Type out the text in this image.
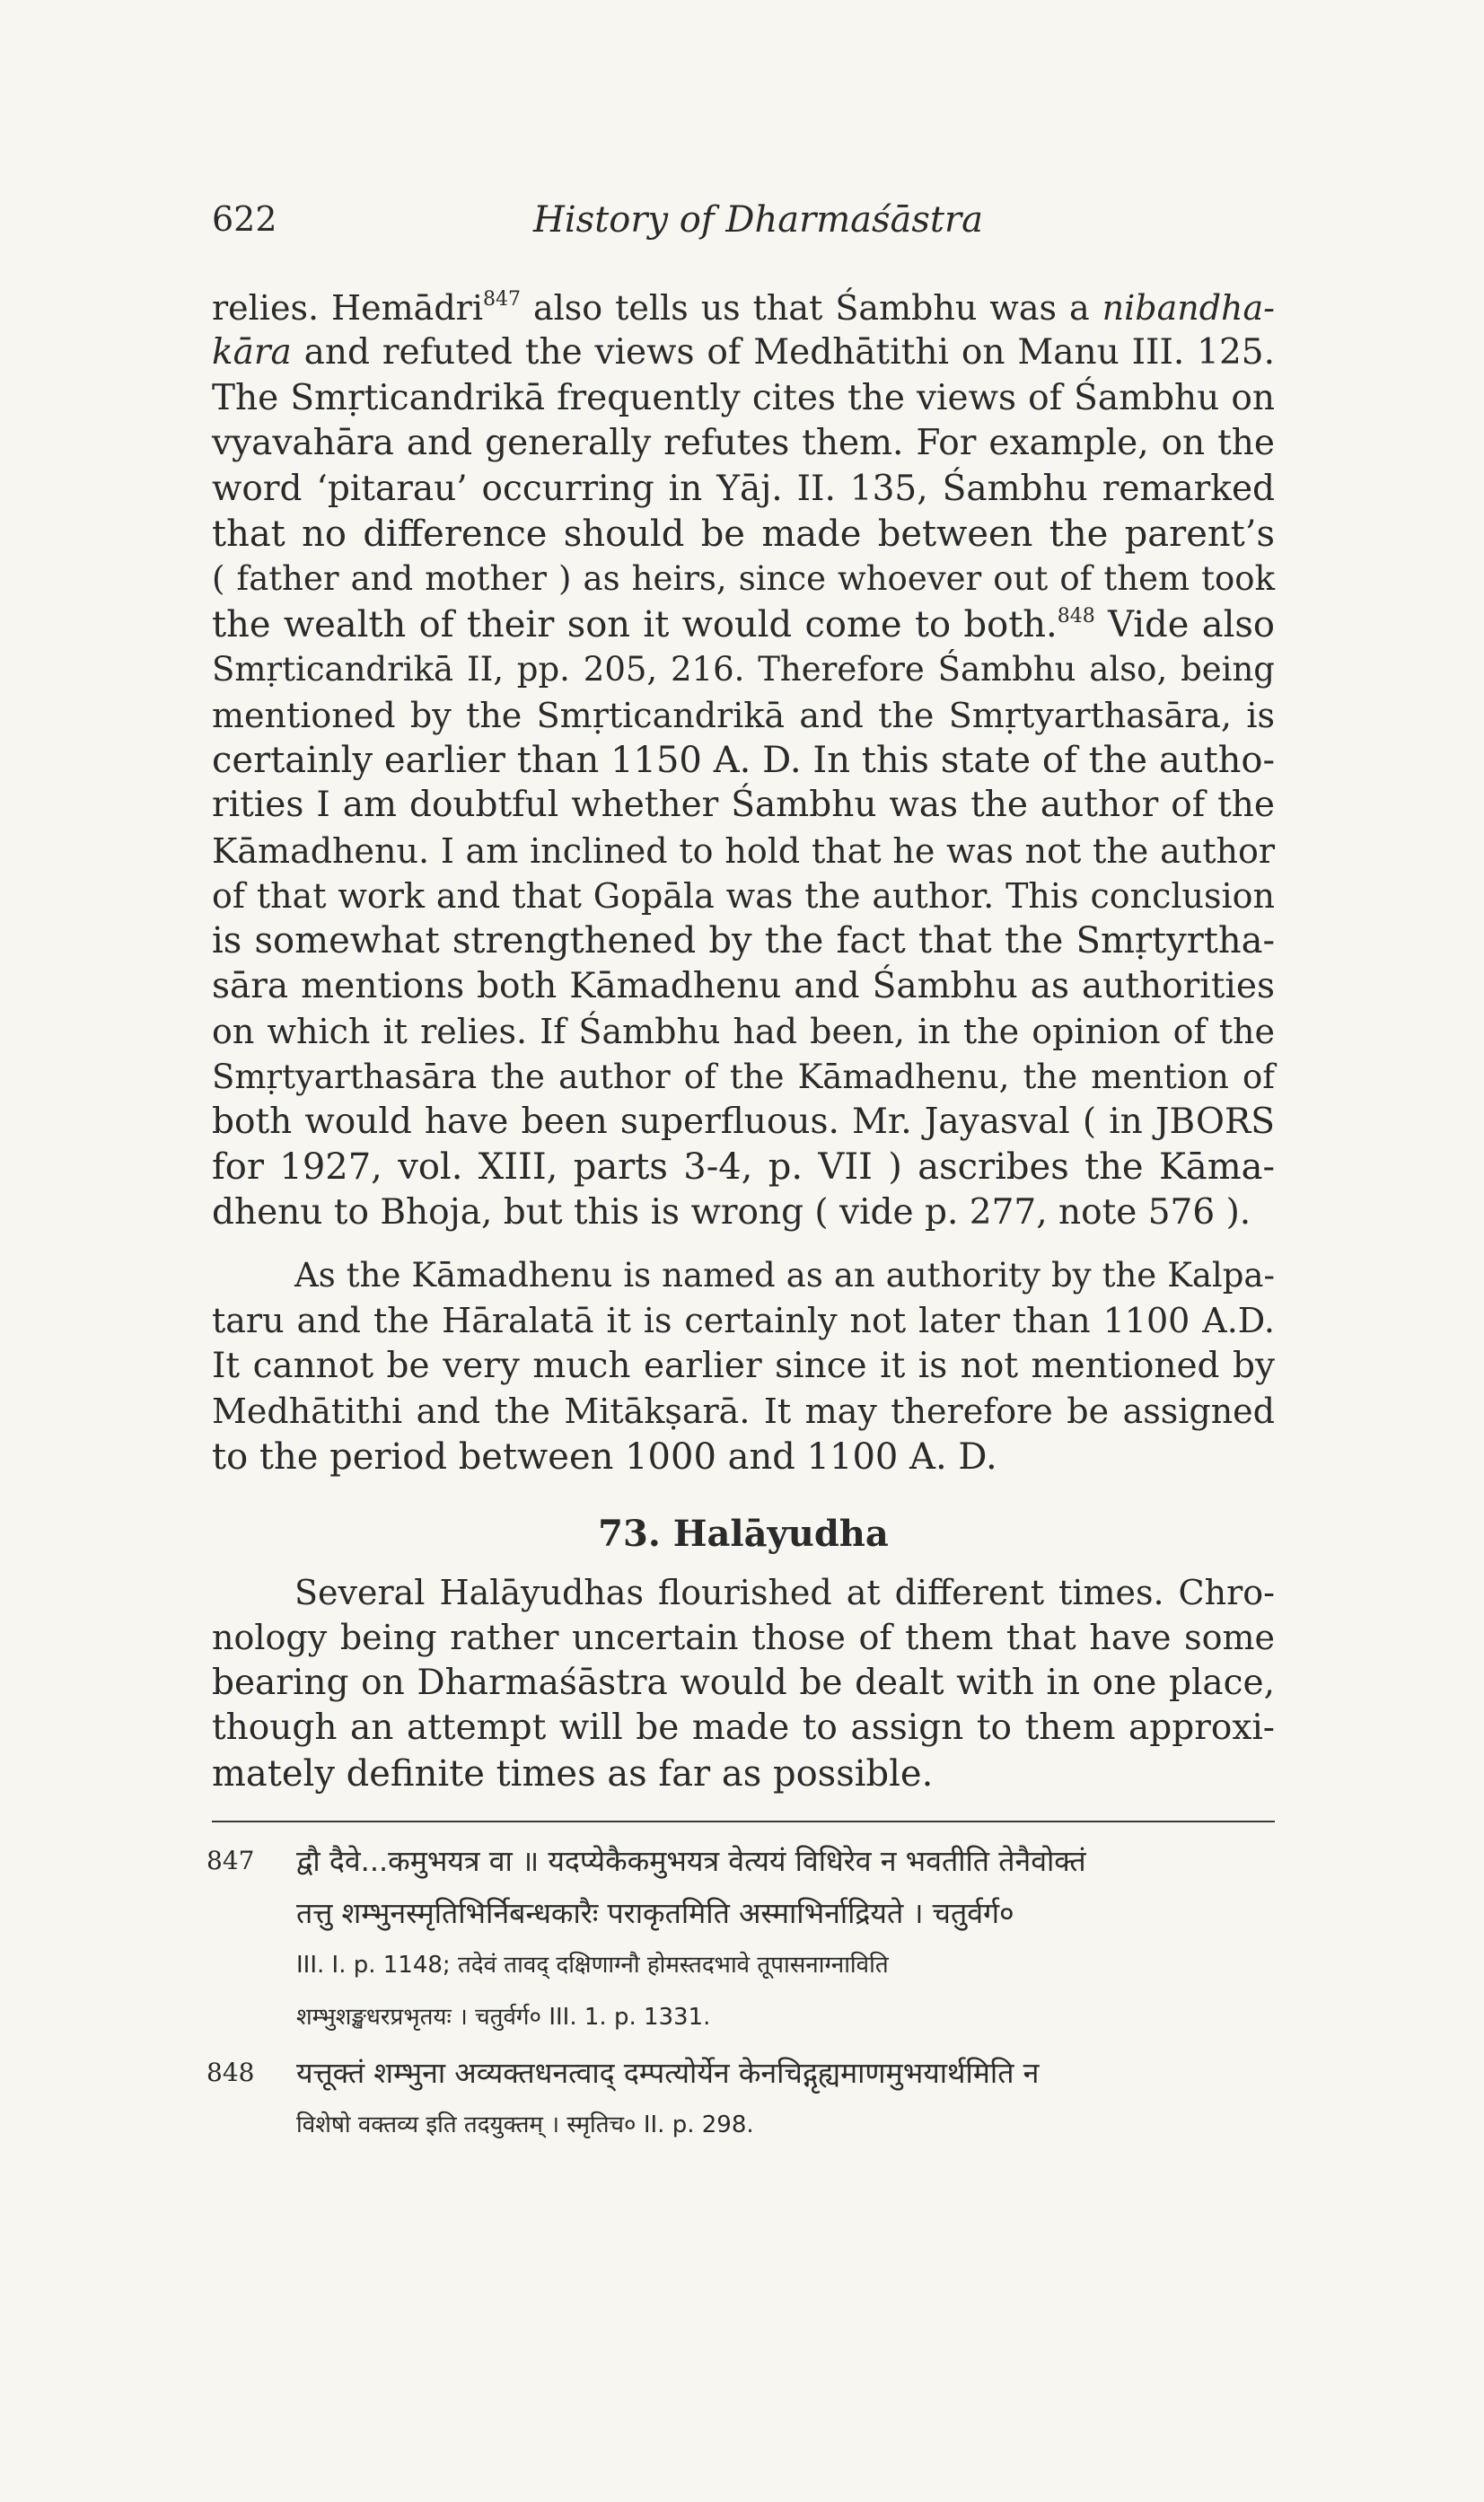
622	History of Dharmaśāstra
relies. Hemādri$^{847}$ also tells us that Śambhu was a nibandha-
kāra and refuted the views of Medhātithi on Manu III. 125.
The Smṛticandrikā frequently cites the views of Śambhu on
vyavahāra and generally refutes them. For example, on the
word ‘pitarau’ occurring in Yāj. II. 135, Śambhu remarked
that no difference should be made between the parent’s
( father and mother ) as heirs, since whoever out of them took
the wealth of their son it would come to both.$^{848}$ Vide also
Smṛticandrikā II, pp. 205, 216. Therefore Śambhu also, being
mentioned by the Smṛticandrikā and the Smṛtyarthasāra, is
certainly earlier than 1150 A. D. In this state of the autho-
rities I am doubtful whether Śambhu was the author of the
Kāmadhenu. I am inclined to hold that he was not the author
of that work and that Gopāla was the author. This conclusion
is somewhat strengthened by the fact that the Smṛtyrtha-
sāra mentions both Kāmadhenu and Śambhu as authorities
on which it relies. If Śambhu had been, in the opinion of the
Smṛtyarthasāra the author of the Kāmadhenu, the mention of
both would have been superfluous. Mr. Jayasval ( in JBORS
for 1927, vol. XIII, parts 3-4, p. VII ) ascribes the Kāma-
dhenu to Bhoja, but this is wrong ( vide p. 277, note 576 ).
As the Kāmadhenu is named as an authority by the Kalpa-
taru and the Hāralatā it is certainly not later than 1100 A.D.
It cannot be very much earlier since it is not mentioned by
Medhātithi and the Mitākṣarā. It may therefore be assigned
to the period between 1000 and 1100 A. D.
73. Halāyudha
Several Halāyudhas flourished at different times. Chro-
nology being rather uncertain those of them that have some
bearing on Dharmaśāstra would be dealt with in one place,
though an attempt will be made to assign to them approxi-
mately definite times as far as possible.
847 द्वौ दैवे...कमुभयत्र वा ॥ यदप्येकैकमुभयत्र वेत्ययं विधिरेव न भवतीति तेनैवोक्तं
तत्तु शम्भुनस्मृतिभिर्निबन्धकारैः पराकृतमिति अस्माभिर्नाद्रियते । चतुर्वर्ग०
III. I. p. 1148; तदेवं तावद् दक्षिणाग्नौ होमस्तदभावे तूपासनाग्नाविति
शम्भुशङ्खधरप्रभृतयः । चतुर्वर्ग० III. 1. p. 1331.
848 यत्तूक्तं शम्भुना अव्यक्तधनत्वाद् दम्पत्योर्येन केनचिद्गृह्यमाणमुभयार्थमिति न
विशेषो वक्तव्य इति तदयुक्तम् । स्मृतिच० II. p. 298.
